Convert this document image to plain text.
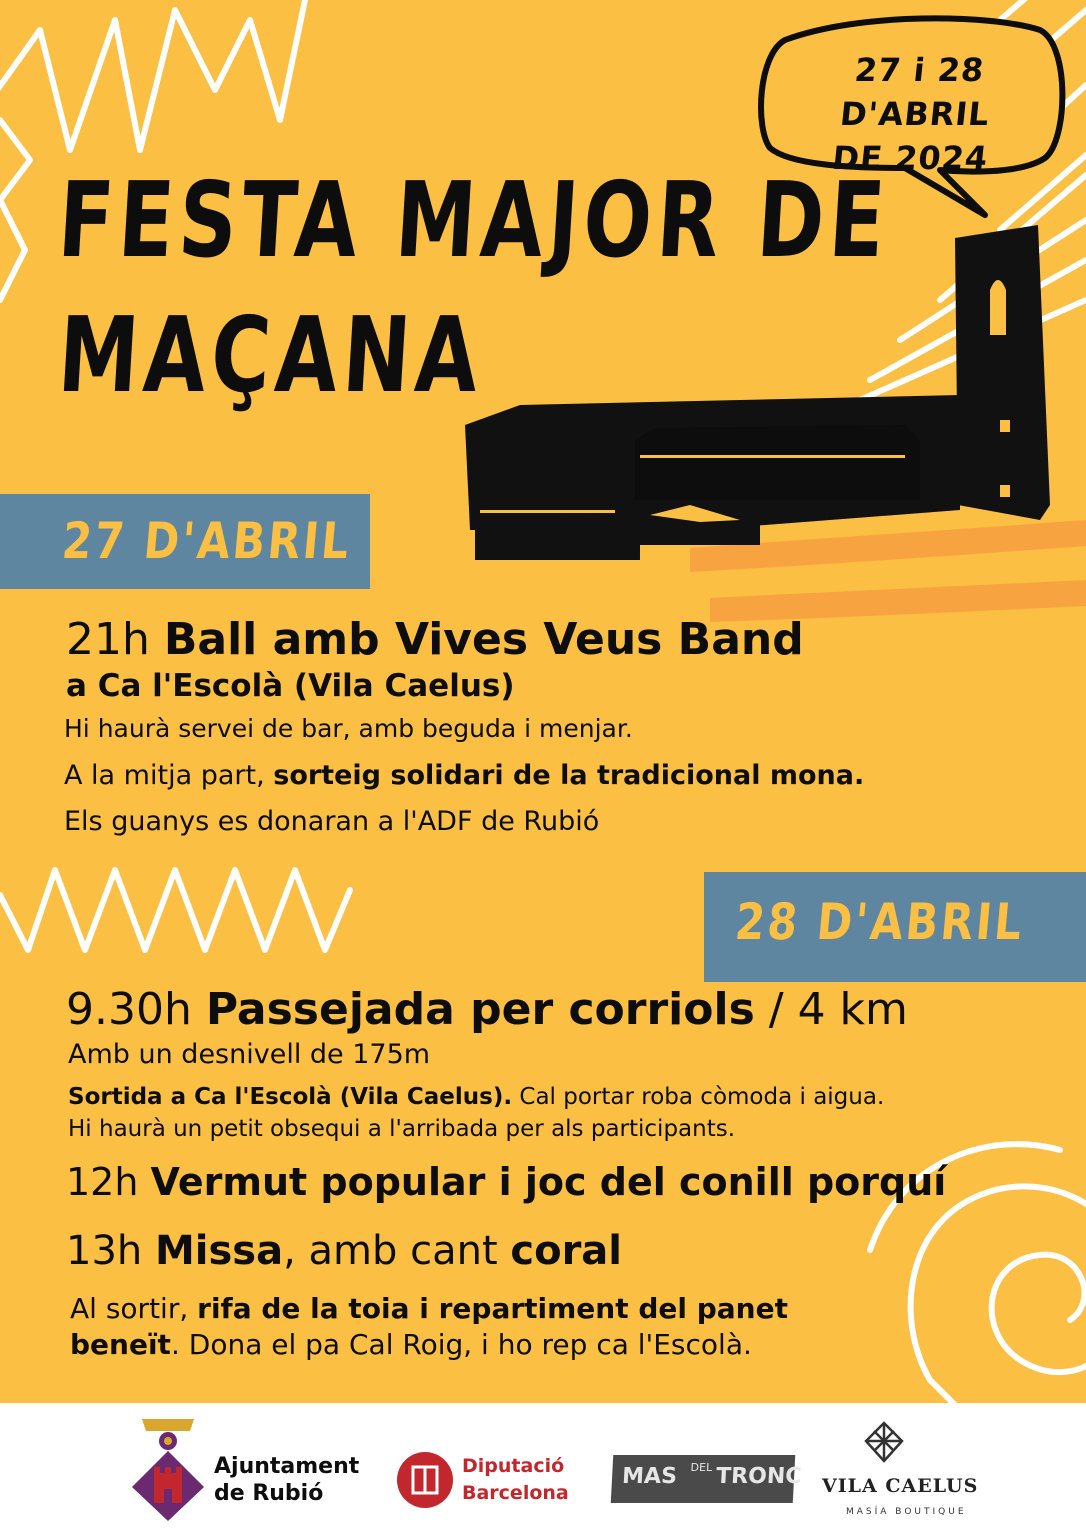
27 i 28 D'ABRIL
DE 2024
FESTA MAJOR DE
MAÇANA
27 D'ABRIL
21h Ball amb Vives Veus Band
a Ca l'Escolà (Vila Caelus)
Hi haurà servei de bar, amb beguda i menjar.
A la mitja part, sorteig solidari de la tradicional mona.
Els guanys es donaran a l'ADF de Rubió
28 D'ABRIL
9.30h Passejada per corriols / 4 km
Amb un desnivell de 175m
Sortida a Ca l'Escolà (Vila Caelus). Cal portar roba còmoda i aigua.
Hi haurà un petit obsequi a l'arribada per als participants.
12h Vermut popular i joc del conill porquí
13h Missa, amb cant coral
Al sortir, rifa de la toia i repartiment del panet
beneït. Dona el pa Cal Roig, i ho rep ca l'Escolà.
Ajuntament
de Rubió
Diputació
Barcelona
MAS DEL TRONC VILA CAELUS
MASÍA BOUTIQUE
